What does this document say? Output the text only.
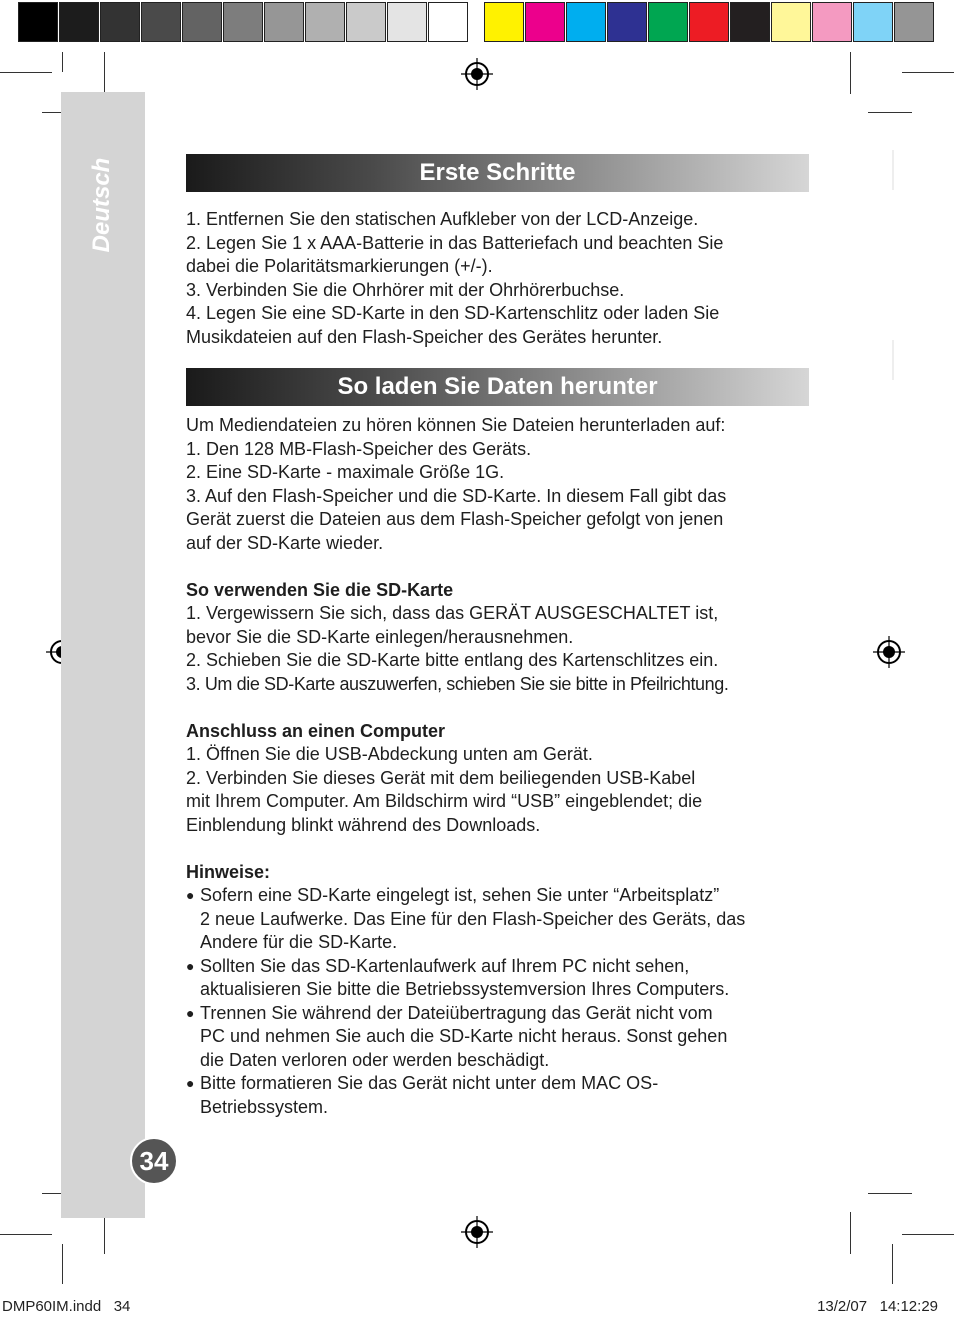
Deutsch
34
Erste Schritte

1. Entfernen Sie den statischen Aufkleber von der LCD-Anzeige.

2. Legen Sie 1 x AAA-Batterie in das Batteriefach und beachten Sie

dabei die Polaritätsmarkierungen (+/-).

3. Verbinden Sie die Ohrhörer mit der Ohrhörerbuchse.

4. Legen Sie eine SD-Karte in den SD-Kartenschlitz oder laden Sie

Musikdateien auf den Flash-Speicher des Gerätes herunter.

So laden Sie Daten herunter

Um Mediendateien zu hören können Sie Dateien herunterladen auf:

1. Den 128 MB-Flash-Speicher des Geräts.

2. Eine SD-Karte - maximale Größe 1G.

3. Auf den Flash-Speicher und die SD-Karte. In diesem Fall gibt das

Gerät zuerst die Dateien aus dem Flash-Speicher gefolgt von jenen

auf der SD-Karte wieder.

So verwenden Sie die SD-Karte

1. Vergewissern Sie sich, dass das GERÄT AUSGESCHALTET ist,

bevor Sie die SD-Karte einlegen/herausnehmen.

2. Schieben Sie die SD-Karte bitte entlang des Kartenschlitzes ein.

3. Um die SD-Karte auszuwerfen, schieben Sie sie bitte in Pfeilrichtung.

Anschluss an einen Computer

1. Öffnen Sie die USB-Abdeckung unten am Gerät.

2. Verbinden Sie dieses Gerät mit dem beiliegenden USB-Kabel

mit Ihrem Computer. Am Bildschirm wird “USB” eingeblendet; die

Einblendung blinkt während des Downloads.

Hinweise:

● Sofern eine SD-Karte eingelegt ist, sehen Sie unter “Arbeitsplatz”

2 neue Laufwerke. Das Eine für den Flash-Speicher des Geräts, das

Andere für die SD-Karte.

● Sollten Sie das SD-Kartenlaufwerk auf Ihrem PC nicht sehen,

aktualisieren Sie bitte die Betriebssystemversion Ihres Computers.

● Trennen Sie während der Dateiübertragung das Gerät nicht vom

PC und nehmen Sie auch die SD-Karte nicht heraus. Sonst gehen

die Daten verloren oder werden beschädigt.

● Bitte formatieren Sie das Gerät nicht unter dem MAC OS-

Betriebssystem.

DMP60IM.indd   34	13/2/07   14:12:29
